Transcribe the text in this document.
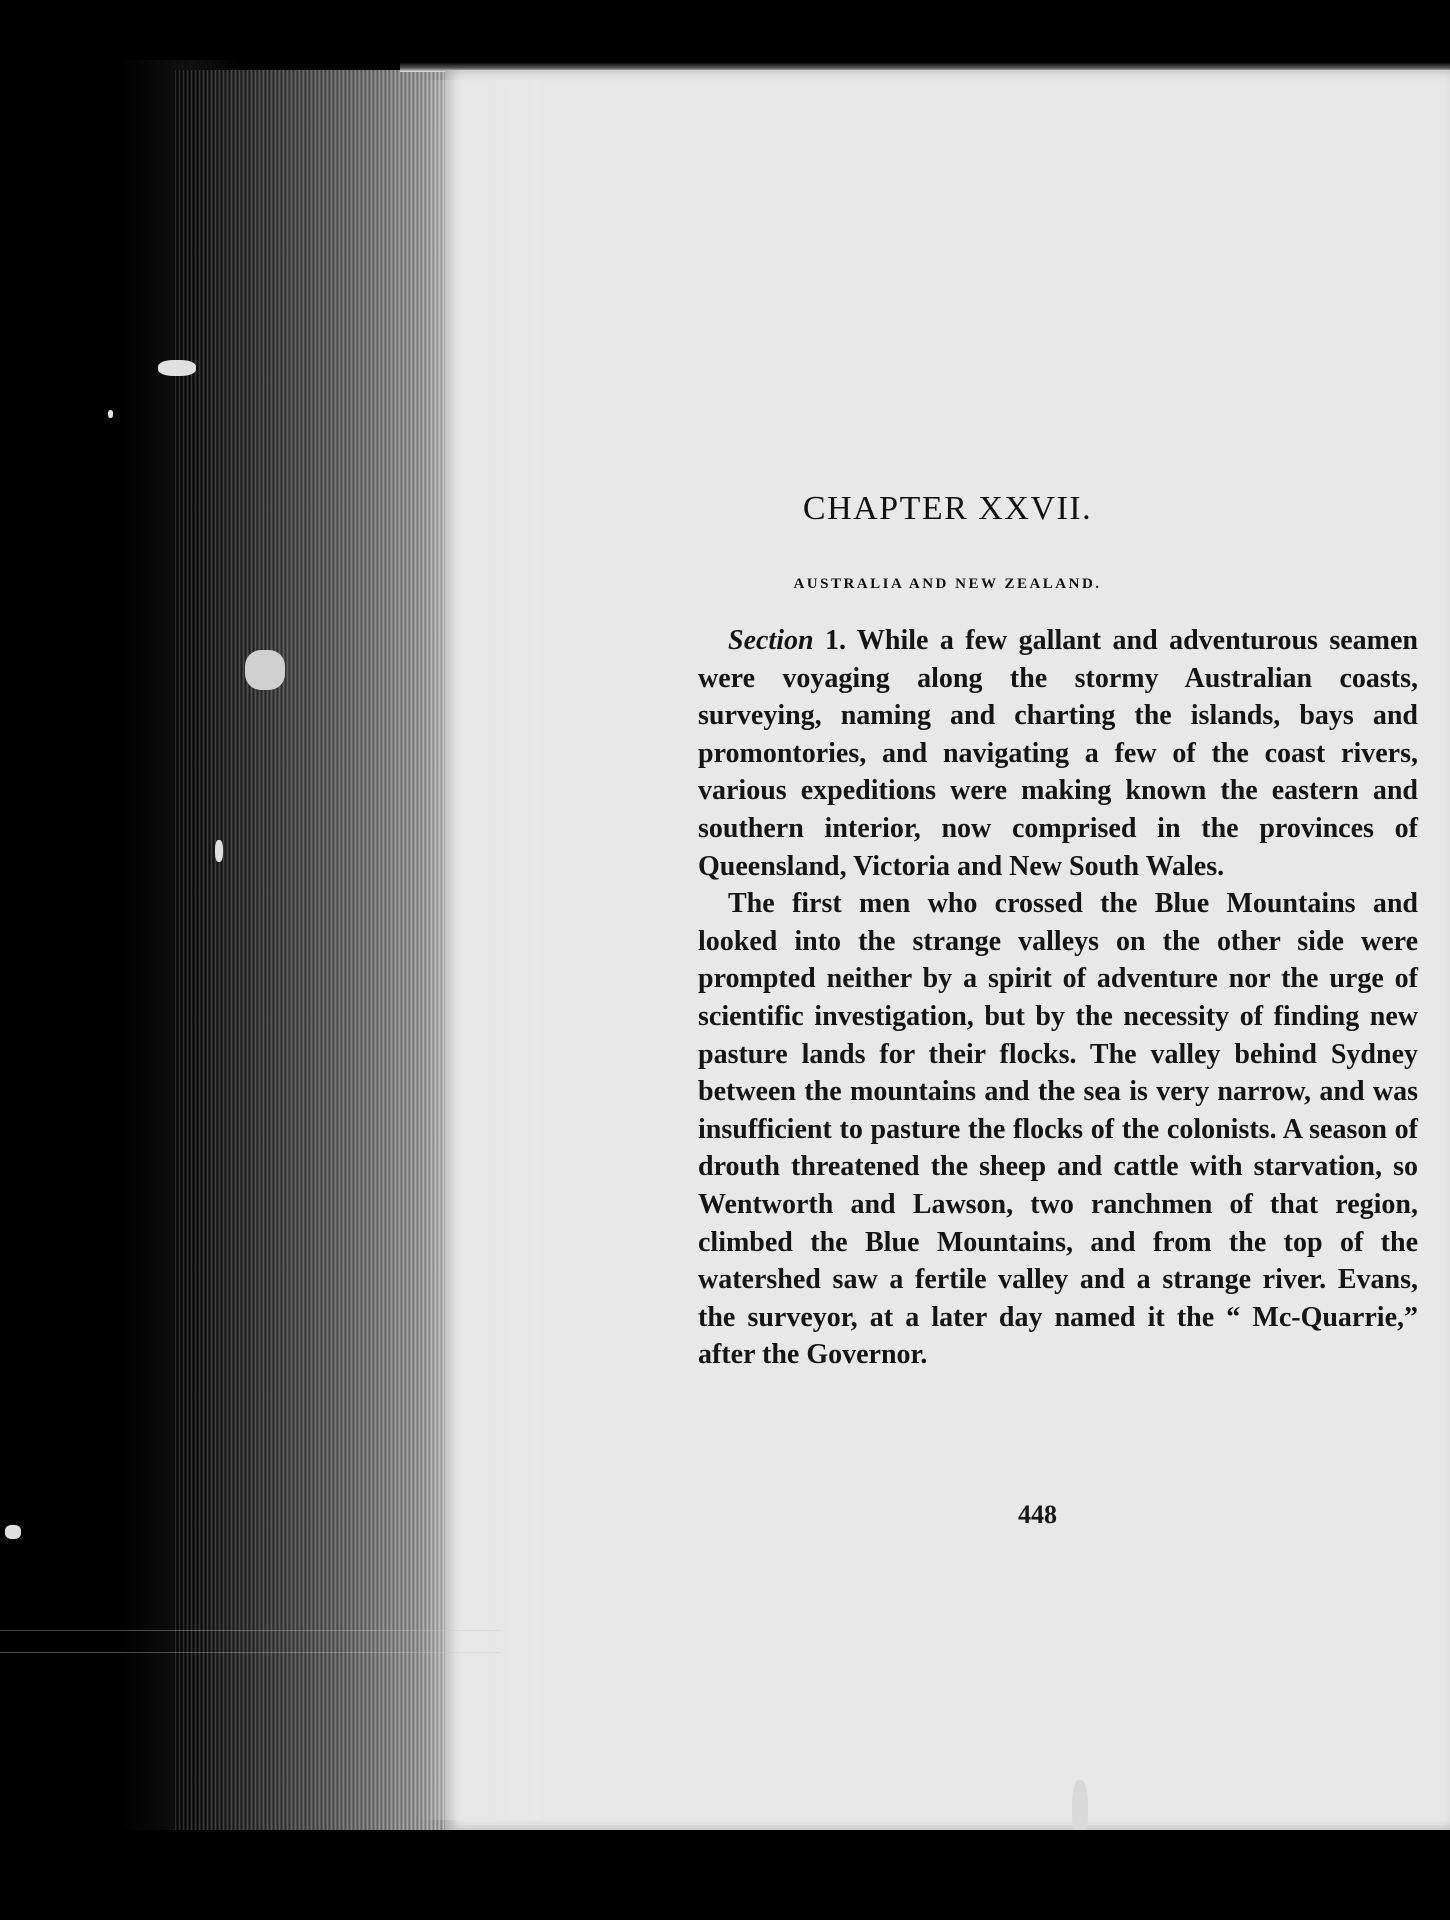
CHAPTER XXVII.
AUSTRALIA AND NEW ZEALAND.

Section 1. While a few gallant and adventurous seamen were voyaging along the stormy Australian coasts, surveying, naming and charting the islands, bays and promontories, and navigating a few of the coast rivers, various expeditions were making known the eastern and southern interior, now comprised in the provinces of Queensland, Victoria and New South Wales.

The first men who crossed the Blue Mountains and looked into the strange valleys on the other side were prompted neither by a spirit of adventure nor the urge of scientific investigation, but by the necessity of finding new pasture lands for their flocks. The valley behind Sydney between the mountains and the sea is very narrow, and was insufficient to pasture the flocks of the colonists. A season of drouth threatened the sheep and cattle with starvation, so Wentworth and Lawson, two ranchmen of that region, climbed the Blue Mountains, and from the top of the watershed saw a fertile valley and a strange river. Evans, the surveyor, at a later day named it the “ Mc-Quarrie,” after the Governor.

448
